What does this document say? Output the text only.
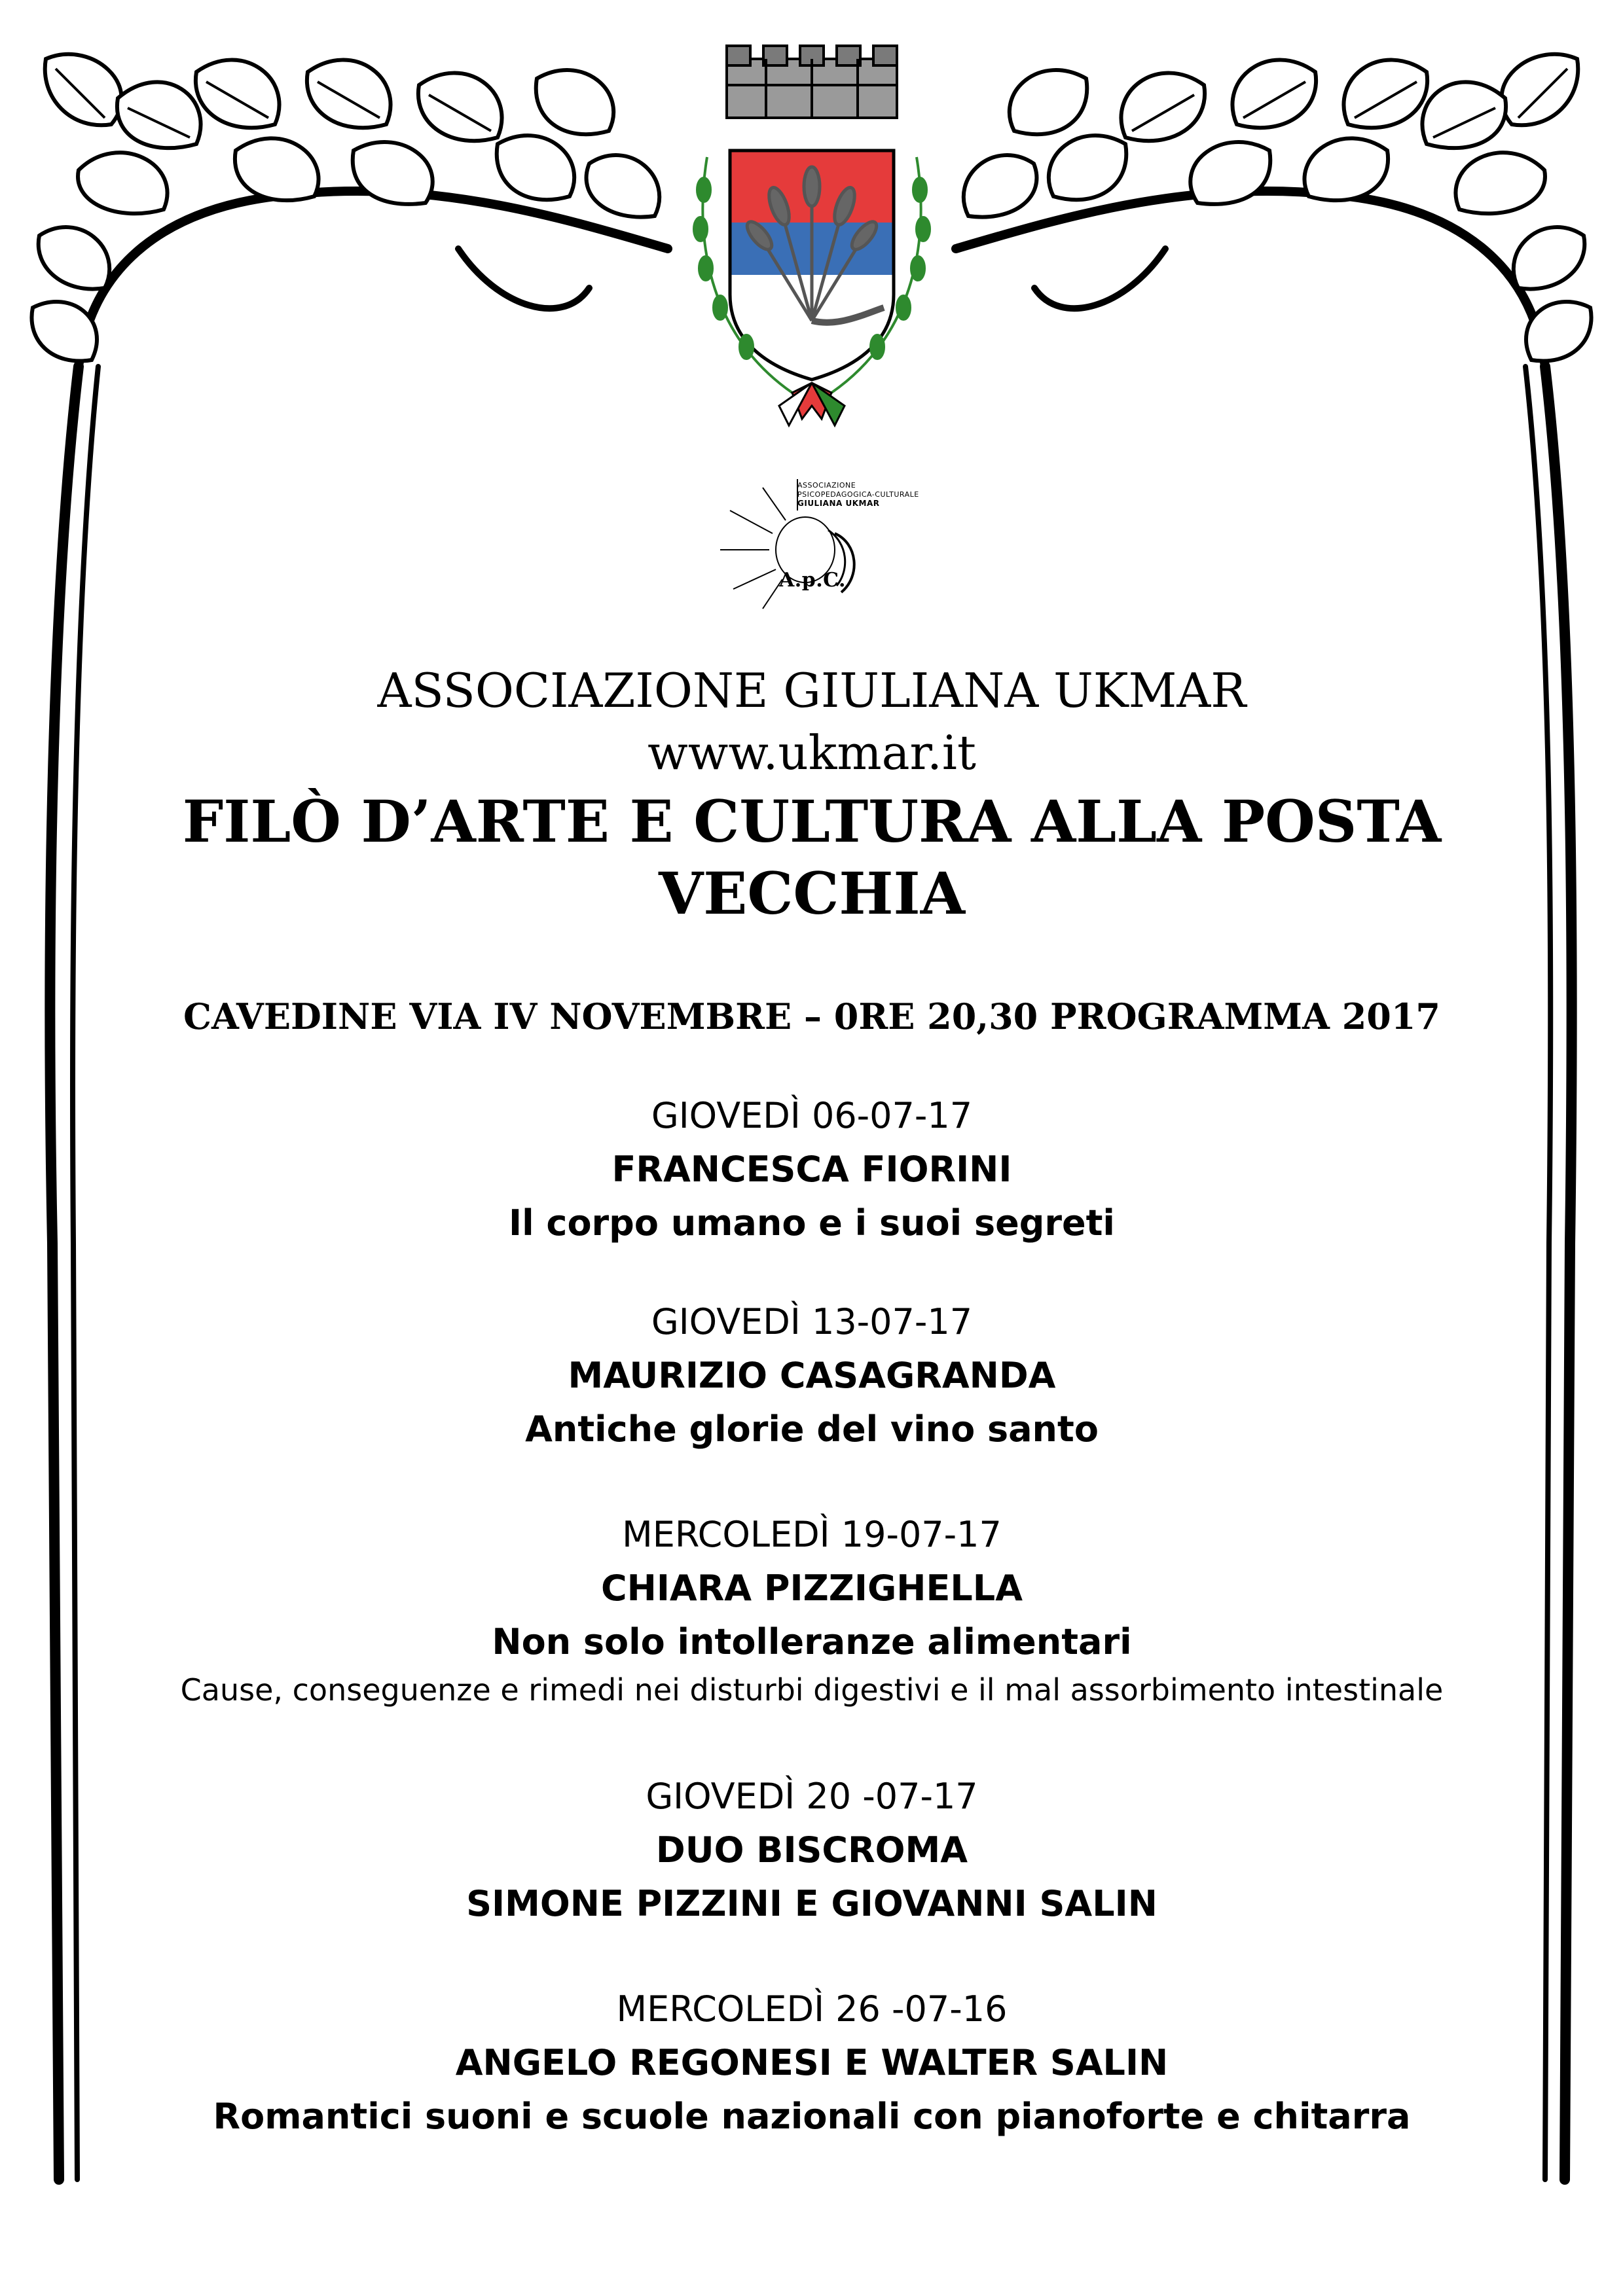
ASSOCIAZIONE
PSICOPEDAGOGICA-CULTURALE
GIULIANA UKMAR
A.p.C.
ASSOCIAZIONE GIULIANA UKMAR
www.ukmar.it
FILÒ D’ARTE E CULTURA ALLA POSTA
VECCHIA
CAVEDINE VIA IV NOVEMBRE – 0RE 20,30 PROGRAMMA 2017
GIOVEDÌ 06-07-17
FRANCESCA FIORINI
Il corpo umano e i suoi segreti
GIOVEDÌ 13-07-17
MAURIZIO CASAGRANDA
Antiche glorie del vino santo
MERCOLEDÌ 19-07-17
CHIARA PIZZIGHELLA
Non solo intolleranze alimentari
Cause, conseguenze e rimedi nei disturbi digestivi e il mal assorbimento intestinale
GIOVEDÌ 20 -07-17
DUO BISCROMA
SIMONE PIZZINI E GIOVANNI SALIN
MERCOLEDÌ 26 -07-16
ANGELO REGONESI E WALTER SALIN
Romantici suoni e scuole nazionali con pianoforte e chitarra
